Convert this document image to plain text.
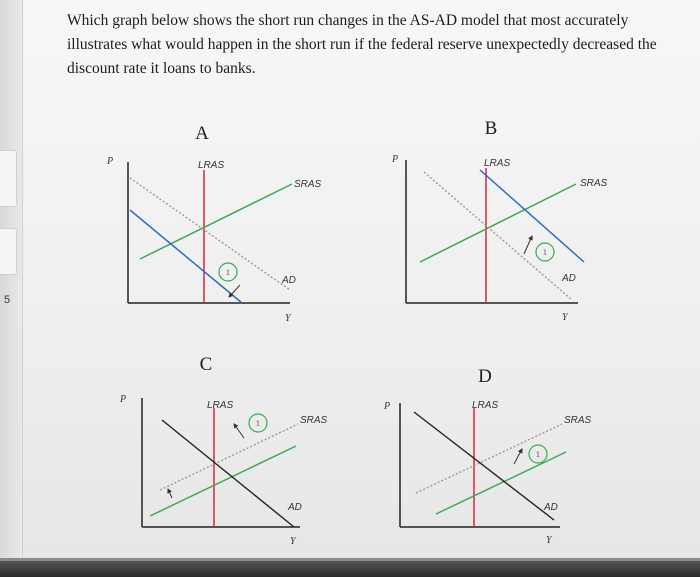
5
Which graph below shows the short run changes in the AS-AD model that most accurately illustrates what would happen in the short run if the federal reserve unexpectedly decreased the discount rate it loans to banks.
A
P
Y
LRAS
SRAS
AD
1
B
P
Y
LRAS
SRAS
AD
1
C
P
Y
LRAS
SRAS
AD
1
D
P
Y
LRAS
SRAS
AD
1
